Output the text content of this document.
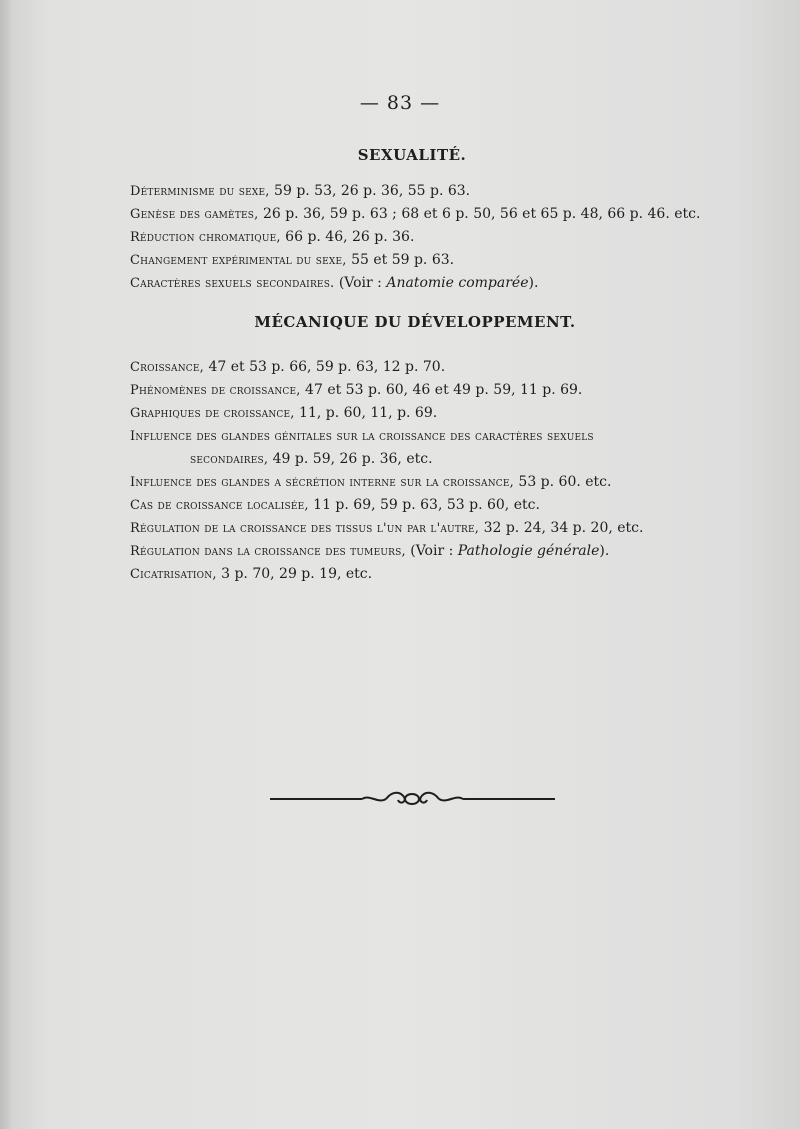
— 83 —
SEXUALITÉ.
Déterminisme du sexe, 59 p. 53, 26 p. 36, 55 p. 63.
Genèse des gamètes, 26 p. 36, 59 p. 63 ; 68 et 6 p. 50, 56 et 65 p. 48, 66 p. 46. etc.
Réduction chromatique, 66 p. 46, 26 p. 36.
Changement expérimental du sexe, 55 et 59 p. 63.
Caractères sexuels secondaires. (Voir : Anatomie comparée).
MÉCANIQUE DU DÉVELOPPEMENT.
Croissance, 47 et 53 p. 66, 59 p. 63, 12 p. 70.
Phénomènes de croissance, 47 et 53 p. 60, 46 et 49 p. 59, 11 p. 69.
Graphiques de croissance, 11, p. 60, 11, p. 69.
Influence des glandes génitales sur la croissance des caractères sexuels
secondaires, 49 p. 59, 26 p. 36, etc.
Influence des glandes a sécrétion interne sur la croissance, 53 p. 60. etc.
Cas de croissance localisée, 11 p. 69, 59 p. 63, 53 p. 60, etc.
Régulation de la croissance des tissus l'un par l'autre, 32 p. 24, 34 p. 20, etc.
Régulation dans la croissance des tumeurs, (Voir : Pathologie générale).
Cicatrisation, 3 p. 70, 29 p. 19, etc.
